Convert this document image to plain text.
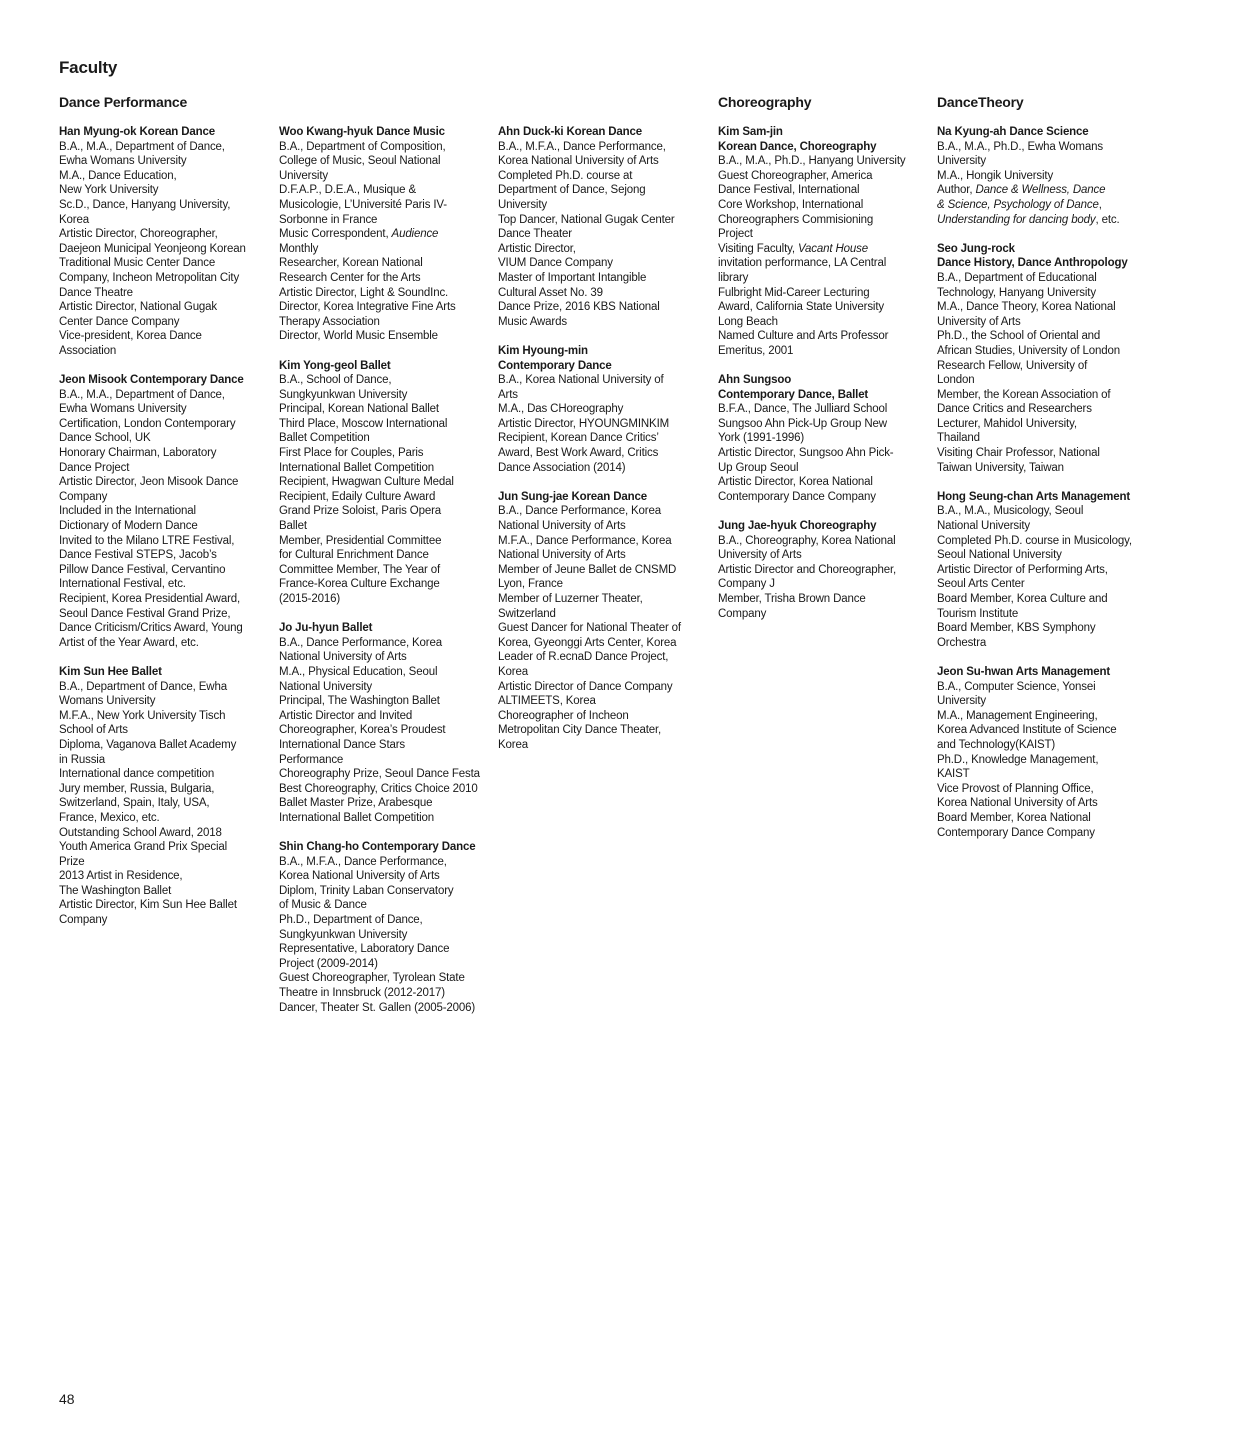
Faculty
Dance Performance	Choreography	DanceTheory
Han Myung-ok Korean Dance
B.A., M.A., Department of Dance,
Ewha Womans University
M.A., Dance Education,
New York University
Sc.D., Dance, Hanyang University,
Korea
Artistic Director, Choreographer,
Daejeon Municipal Yeonjeong Korean
Traditional Music Center Dance
Company, Incheon Metropolitan City
Dance Theatre
Artistic Director, National Gugak
Center Dance Company
Vice-president, Korea Dance
Association
Jeon Misook Contemporary Dance
B.A., M.A., Department of Dance,
Ewha Womans University
Certification, London Contemporary
Dance School, UK
Honorary Chairman, Laboratory
Dance Project
Artistic Director, Jeon Misook Dance
Company
Included in the International
Dictionary of Modern Dance
Invited to the Milano LTRE Festival,
Dance Festival STEPS, Jacob’s
Pillow Dance Festival, Cervantino
International Festival, etc.
Recipient, Korea Presidential Award,
Seoul Dance Festival Grand Prize,
Dance Criticism/Critics Award, Young
Artist of the Year Award, etc.
Kim Sun Hee Ballet
B.A., Department of Dance, Ewha
Womans University
M.F.A., New York University Tisch
School of Arts
Diploma, Vaganova Ballet Academy
in Russia
International dance competition
Jury member, Russia, Bulgaria,
Switzerland, Spain, Italy, USA,
France, Mexico, etc.
Outstanding School Award, 2018
Youth America Grand Prix Special
Prize
2013 Artist in Residence,
The Washington Ballet
Artistic Director, Kim Sun Hee Ballet
Company
Woo Kwang-hyuk Dance Music
B.A., Department of Composition,
College of Music, Seoul National
University
D.F.A.P., D.E.A., Musique &
Musicologie, L’Université Paris IV-
Sorbonne in France
Music Correspondent, Audience
Monthly
Researcher, Korean National
Research Center for the Arts
Artistic Director, Light & SoundInc.
Director, Korea Integrative Fine Arts
Therapy Association
Director, World Music Ensemble
Kim Yong-geol Ballet
B.A., School of Dance,
Sungkyunkwan University
Principal, Korean National Ballet
Third Place, Moscow International
Ballet Competition
First Place for Couples, Paris
International Ballet Competition
Recipient, Hwagwan Culture Medal
Recipient, Edaily Culture Award
Grand Prize Soloist, Paris Opera
Ballet
Member, Presidential Committee
for Cultural Enrichment Dance
Committee Member, The Year of
France-Korea Culture Exchange
(2015-2016)
Jo Ju-hyun Ballet
B.A., Dance Performance, Korea
National University of Arts
M.A., Physical Education, Seoul
National University
Principal, The Washington Ballet
Artistic Director and Invited
Choreographer, Korea’s Proudest
International Dance Stars
Performance
Choreography Prize, Seoul Dance Festa
Best Choreography, Critics Choice 2010
Ballet Master Prize, Arabesque
International Ballet Competition
Shin Chang-ho Contemporary Dance
B.A., M.F.A., Dance Performance,
Korea National University of Arts
Diplom, Trinity Laban Conservatory
of Music & Dance
Ph.D., Department of Dance,
Sungkyunkwan University
Representative, Laboratory Dance
Project (2009-2014)
Guest Choreographer, Tyrolean State
Theatre in Innsbruck (2012-2017)
Dancer, Theater St. Gallen (2005-2006)
Ahn Duck-ki Korean Dance
B.A., M.F.A., Dance Performance,
Korea National University of Arts
Completed Ph.D. course at
Department of Dance, Sejong
University
Top Dancer, National Gugak Center
Dance Theater
Artistic Director,
VIUM Dance Company
Master of Important Intangible
Cultural Asset No. 39
Dance Prize, 2016 KBS National
Music Awards
Kim Hyoung-min
Contemporary Dance
B.A., Korea National University of
Arts
M.A., Das CHoreography
Artistic Director, HYOUNGMINKIM
Recipient, Korean Dance Critics’
Award, Best Work Award, Critics
Dance Association (2014)
Jun Sung-jae Korean Dance
B.A., Dance Performance, Korea
National University of Arts
M.F.A., Dance Performance, Korea
National University of Arts
Member of Jeune Ballet de CNSMD
Lyon, France
Member of Luzerner Theater,
Switzerland
Guest Dancer for National Theater of
Korea, Gyeonggi Arts Center, Korea
Leader of R.ecnaD Dance Project,
Korea
Artistic Director of Dance Company
ALTIMEETS, Korea
Choreographer of Incheon
Metropolitan City Dance Theater,
Korea
Kim Sam-jin
Korean Dance, Choreography
B.A., M.A., Ph.D., Hanyang University
Guest Choreographer, America
Dance Festival, International
Core Workshop, International
Choreographers Commisioning
Project
Visiting Faculty, Vacant House
invitation performance, LA Central
library
Fulbright Mid-Career Lecturing
Award, California State University
Long Beach
Named Culture and Arts Professor
Emeritus, 2001
Ahn Sungsoo
Contemporary Dance, Ballet
B.F.A., Dance, The Julliard School
Sungsoo Ahn Pick-Up Group New
York (1991-1996)
Artistic Director, Sungsoo Ahn Pick-
Up Group Seoul
Artistic Director, Korea National
Contemporary Dance Company
Jung Jae-hyuk Choreography
B.A., Choreography, Korea National
University of Arts
Artistic Director and Choreographer,
Company J
Member, Trisha Brown Dance
Company
Na Kyung-ah Dance Science
B.A., M.A., Ph.D., Ewha Womans
University
M.A., Hongik University
Author, Dance & Wellness, Dance
& Science, Psychology of Dance,
Understanding for dancing body, etc.
Seo Jung-rock
Dance History, Dance Anthropology
B.A., Department of Educational
Technology, Hanyang University
M.A., Dance Theory, Korea National
University of Arts
Ph.D., the School of Oriental and
African Studies, University of London
Research Fellow, University of
London
Member, the Korean Association of
Dance Critics and Researchers
Lecturer, Mahidol University,
Thailand
Visiting Chair Professor, National
Taiwan University, Taiwan
Hong Seung-chan Arts Management
B.A., M.A., Musicology, Seoul
National University
Completed Ph.D. course in Musicology,
Seoul National University
Artistic Director of Performing Arts,
Seoul Arts Center
Board Member, Korea Culture and
Tourism Institute
Board Member, KBS Symphony
Orchestra
Jeon Su-hwan Arts Management
B.A., Computer Science, Yonsei
University
M.A., Management Engineering,
Korea Advanced Institute of Science
and Technology(KAIST)
Ph.D., Knowledge Management,
KAIST
Vice Provost of Planning Office,
Korea National University of Arts
Board Member, Korea National
Contemporary Dance Company
48
